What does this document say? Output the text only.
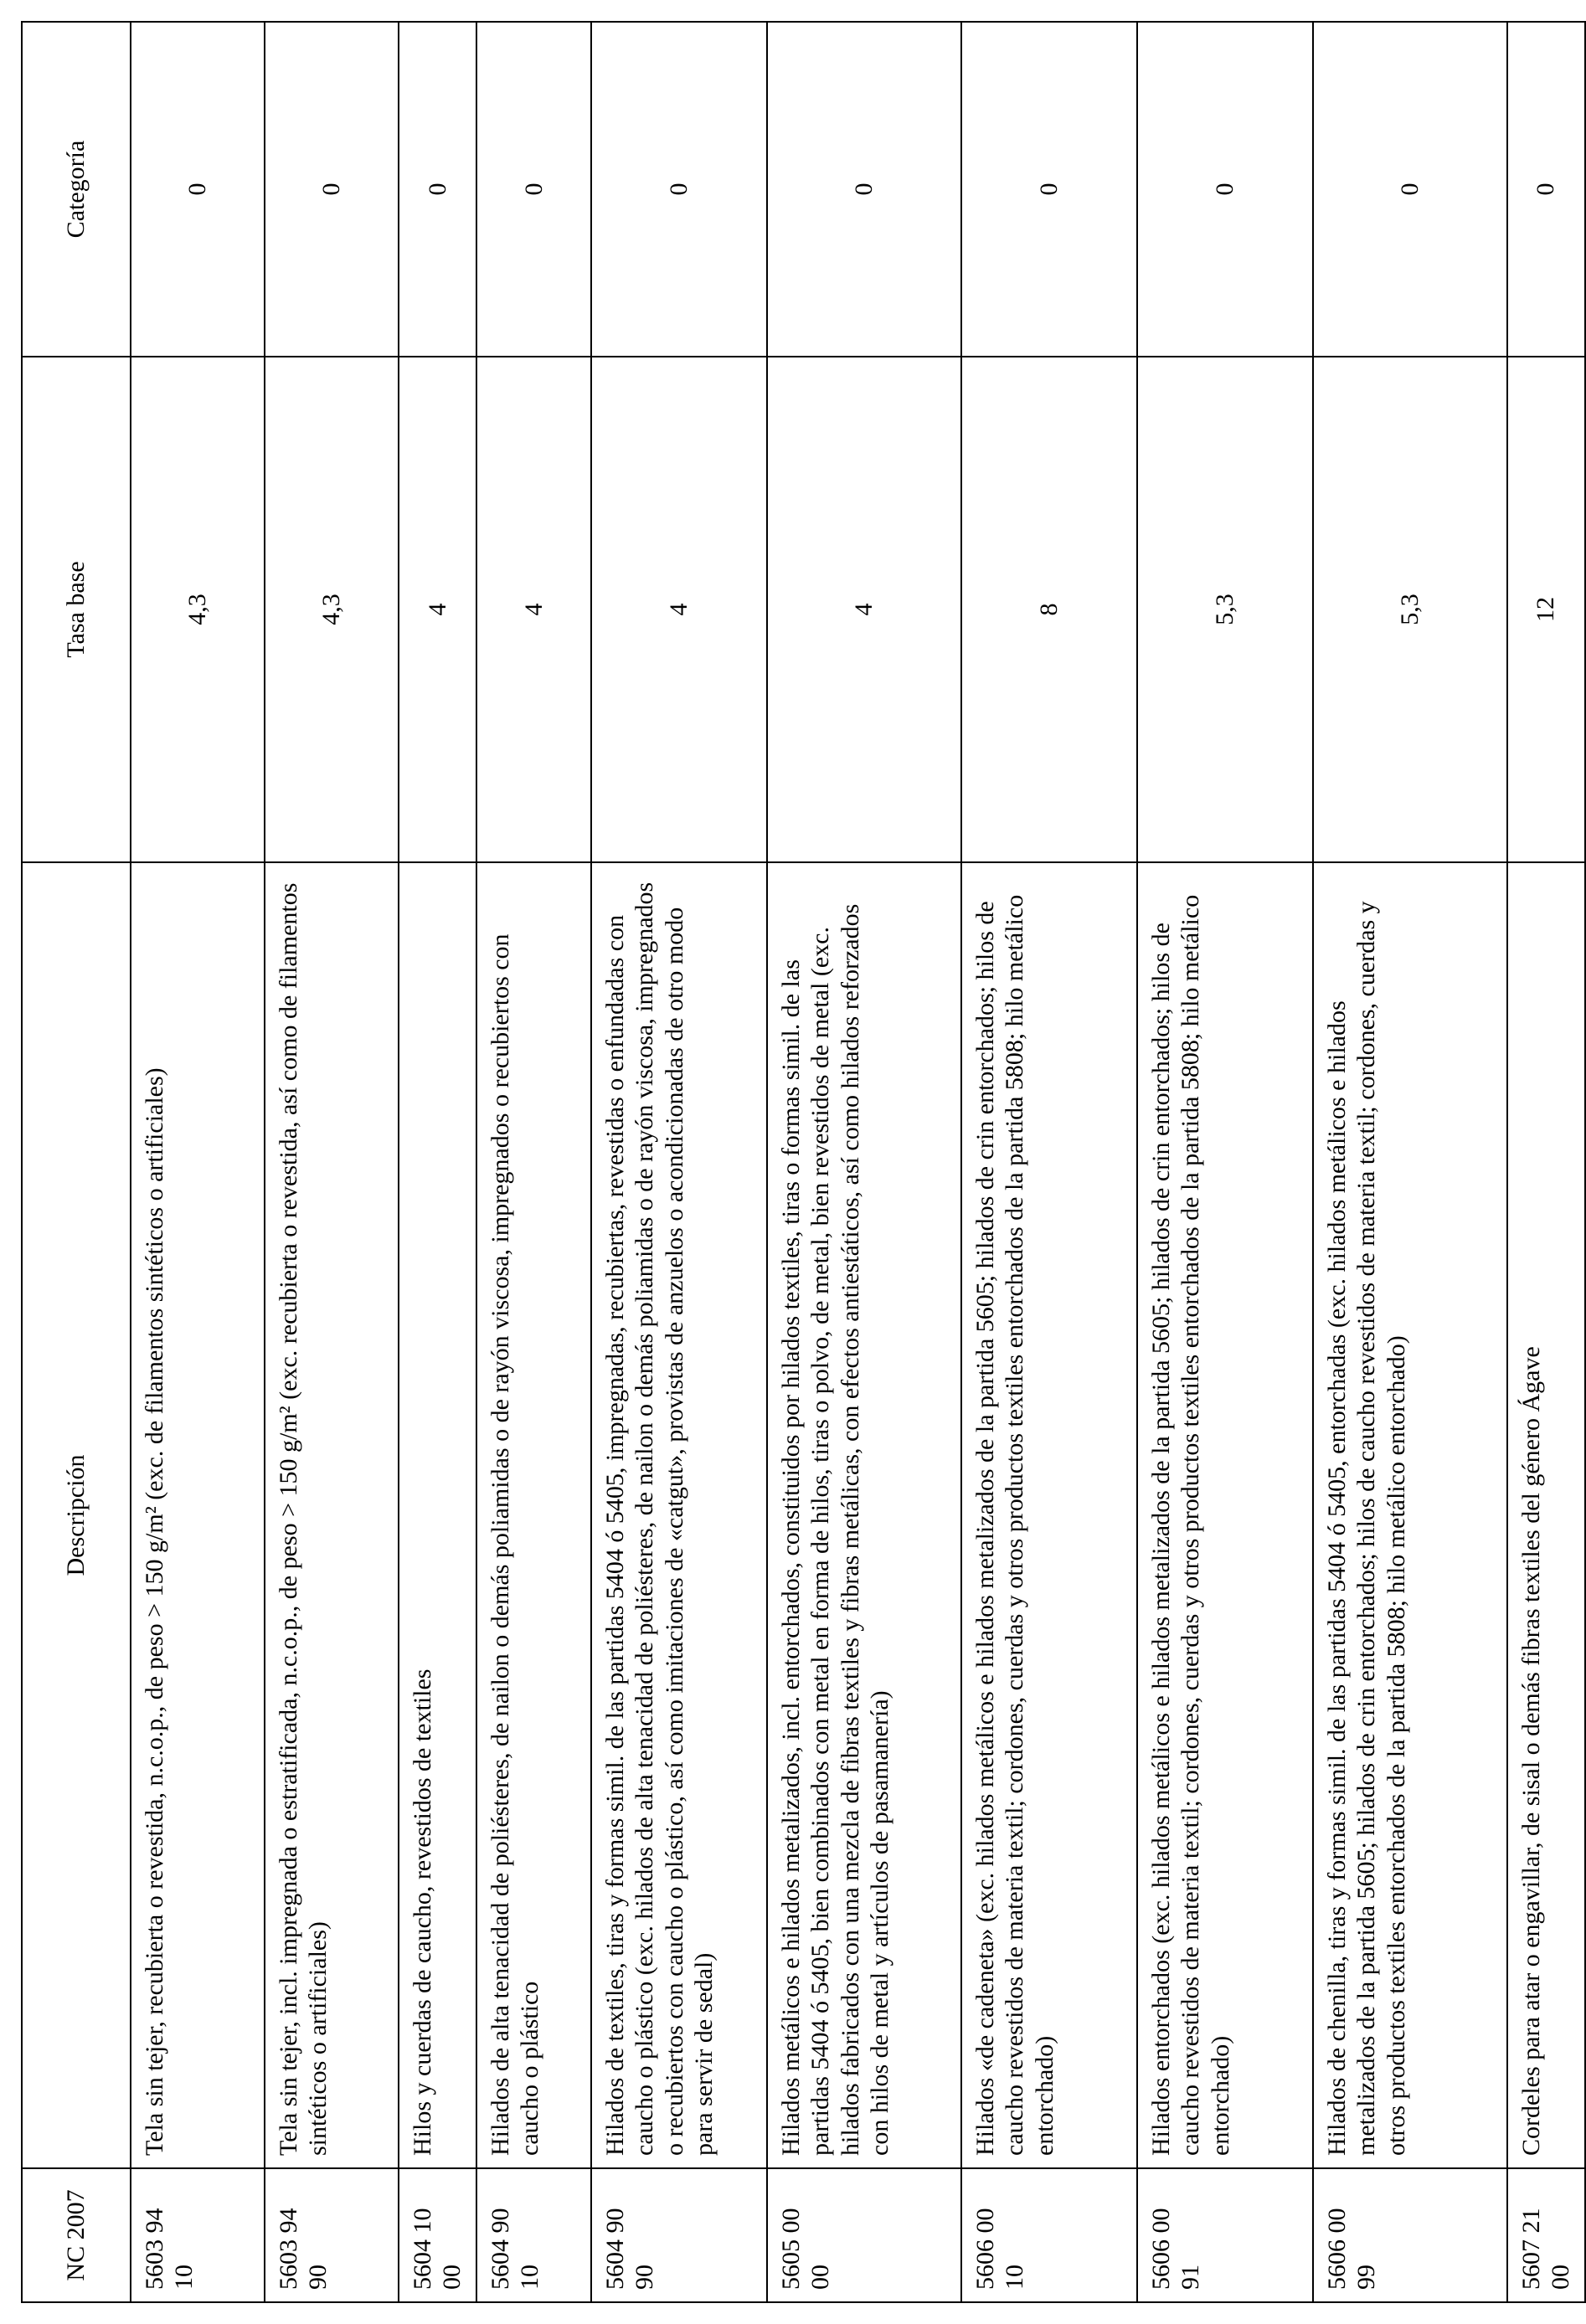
NC 2007	Descripción	Tasa base	Categoría
5603 94 10	Tela sin tejer, recubierta o revestida, n.c.o.p., de peso > 150 g/m² (exc. de filamentos sintéticos o artificiales)	4,3	0
5603 94 90	Tela sin tejer, incl. impregnada o estratificada, n.c.o.p., de peso > 150 g/m² (exc. recubierta o revestida, así como de filamentos sintéticos o artificiales)	4,3	0
5604 10 00	Hilos y cuerdas de caucho, revestidos de textiles	4	0
5604 90 10	Hilados de alta tenacidad de poliésteres, de nailon o demás poliamidas o de rayón viscosa, impregnados o recubiertos con caucho o plástico	4	0
5604 90 90	Hilados de textiles, tiras y formas simil. de las partidas 5404 ó 5405, impregnadas, recubiertas, revestidas o enfundadas con caucho o plástico (exc. hilados de alta tenacidad de poliésteres, de nailon o demás poliamidas o de rayón viscosa, impregnados o recubiertos con caucho o plástico, así como imitaciones de «catgut», provistas de anzuelos o acondicionadas de otro modo para servir de sedal)	4	0
5605 00 00	Hilados metálicos e hilados metalizados, incl. entorchados, constituidos por hilados textiles, tiras o formas simil. de las partidas 5404 ó 5405, bien combinados con metal en forma de hilos, tiras o polvo, de metal, bien revestidos de metal (exc. hilados fabricados con una mezcla de fibras textiles y fibras metálicas, con efectos antiestáticos, así como hilados reforzados con hilos de metal y artículos de pasamanería)	4	0
5606 00 10	Hilados «de cadeneta» (exc. hilados metálicos e hilados metalizados de la partida 5605; hilados de crin entorchados; hilos de caucho revestidos de materia textil; cordones, cuerdas y otros productos textiles entorchados de la partida 5808; hilo metálico entorchado)	8	0
5606 00 91	Hilados entorchados (exc. hilados metálicos e hilados metalizados de la partida 5605; hilados de crin entorchados; hilos de caucho revestidos de materia textil; cordones, cuerdas y otros productos textiles entorchados de la partida 5808; hilo metálico entorchado)	5,3	0
5606 00 99	Hilados de chenilla, tiras y formas simil. de las partidas 5404 ó 5405, entorchadas (exc. hilados metálicos e hilados metalizados de la partida 5605; hilados de crin entorchados; hilos de caucho revestidos de materia textil; cordones, cuerdas y otros productos textiles entorchados de la partida 5808; hilo metálico entorchado)	5,3	0
5607 21 00	Cordeles para atar o engavillar, de sisal o demás fibras textiles del género Ágave	12	0
